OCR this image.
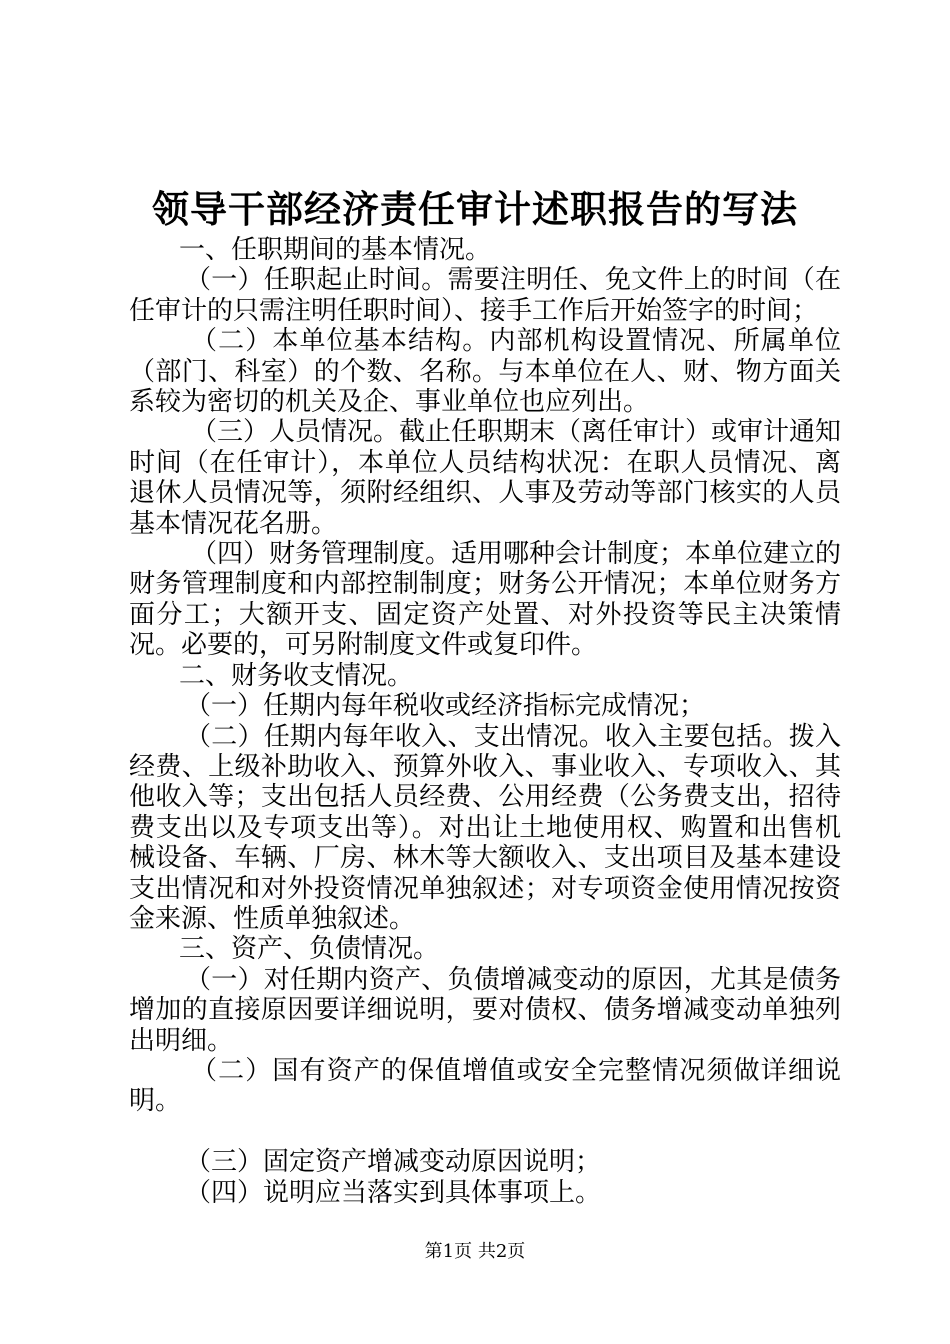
领导干部经济责任审计述职报告的写法

一、任职期间的基本情况。

（一）任职起止时间。需要注明任、免文件上的时间（在任审计的只需注明任职时间）、接手工作后开始签字的时间；

（二）本单位基本结构。内部机构设置情况、所属单位（部门、科室）的个数、名称。与本单位在人、财、物方面关系较为密切的机关及企、事业单位也应列出。

（三）人员情况。截止任职期末（离任审计）或审计通知时间（在任审计），本单位人员结构状况：在职人员情况、离退休人员情况等，须附经组织、人事及劳动等部门核实的人员基本情况花名册。

（四）财务管理制度。适用哪种会计制度；本单位建立的财务管理制度和内部控制制度；财务公开情况；本单位财务方面分工；大额开支、固定资产处置、对外投资等民主决策情况。必要的，可另附制度文件或复印件。

二、财务收支情况。

（一）任期内每年税收或经济指标完成情况；

（二）任期内每年收入、支出情况。收入主要包括。拨入经费、上级补助收入、预算外收入、事业收入、专项收入、其他收入等；支出包括人员经费、公用经费（公务费支出，招待费支出以及专项支出等）。对出让土地使用权、购置和出售机械设备、车辆、厂房、林木等大额收入、支出项目及基本建设支出情况和对外投资情况单独叙述；对专项资金使用情况按资金来源、性质单独叙述。

三、资产、负债情况。

（一）对任期内资产、负债增减变动的原因，尤其是债务增加的直接原因要详细说明，要对债权、债务增减变动单独列出明细。

（二）国有资产的保值增值或安全完整情况须做详细说明。

（三）固定资产增减变动原因说明；

（四）说明应当落实到具体事项上。

第1页 共2页
